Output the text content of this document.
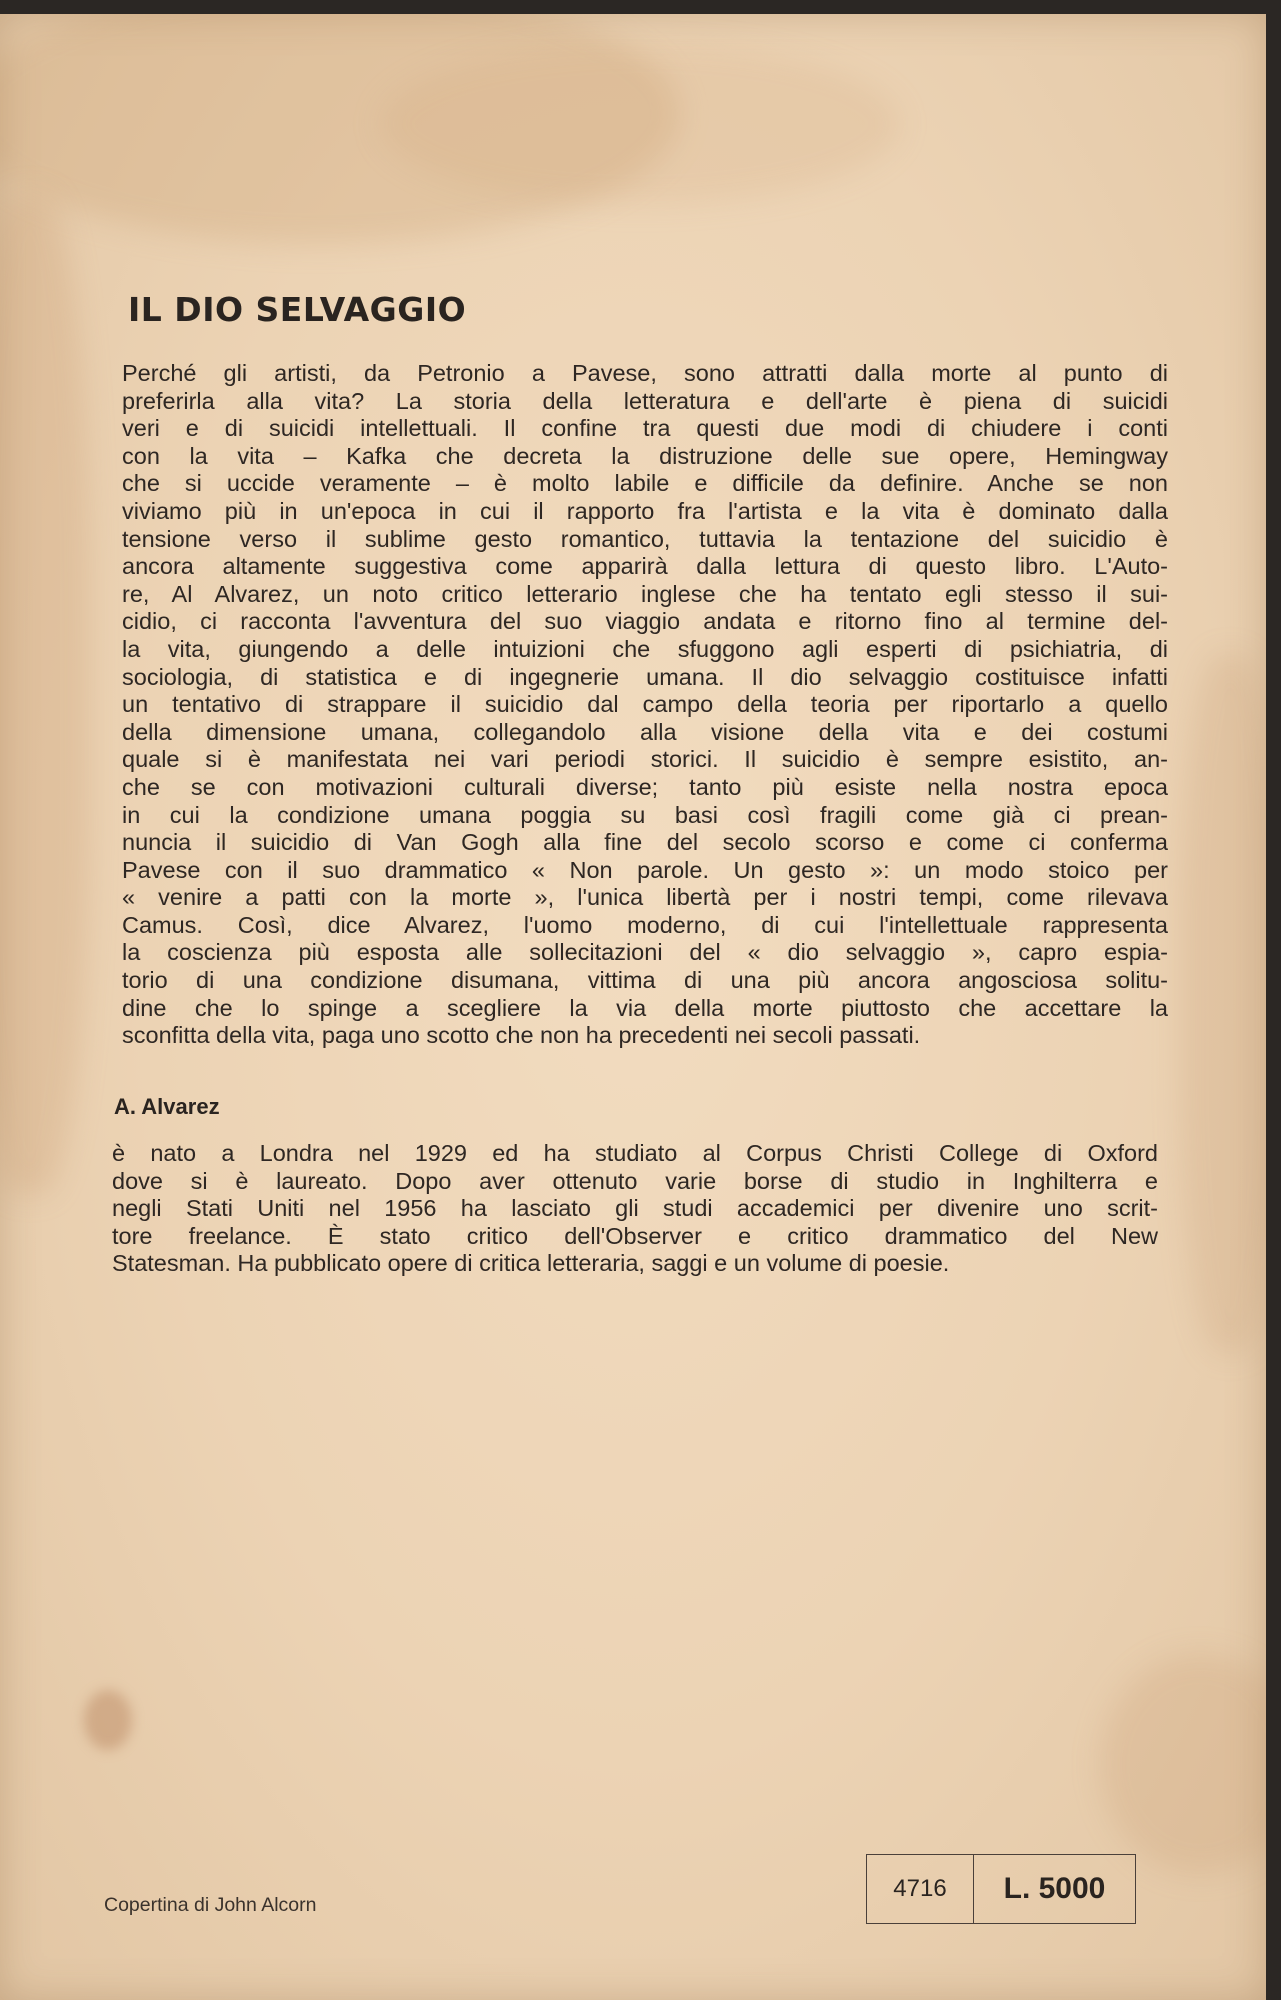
IL DIO SELVAGGIO
Perché gli artisti, da Petronio a Pavese, sono attratti dalla morte al punto di
preferirla alla vita? La storia della letteratura e dell'arte è piena di suicidi
veri e di suicidi intellettuali. Il confine tra questi due modi di chiudere i conti
con la vita – Kafka che decreta la distruzione delle sue opere, Hemingway
che si uccide veramente – è molto labile e difficile da definire. Anche se non
viviamo più in un'epoca in cui il rapporto fra l'artista e la vita è dominato dalla
tensione verso il sublime gesto romantico, tuttavia la tentazione del suicidio è
ancora altamente suggestiva come apparirà dalla lettura di questo libro. L'Auto-
re, Al Alvarez, un noto critico letterario inglese che ha tentato egli stesso il sui-
cidio, ci racconta l'avventura del suo viaggio andata e ritorno fino al termine del-
la vita, giungendo a delle intuizioni che sfuggono agli esperti di psichiatria, di
sociologia, di statistica e di ingegnerie umana. Il dio selvaggio costituisce infatti
un tentativo di strappare il suicidio dal campo della teoria per riportarlo a quello
della dimensione umana, collegandolo alla visione della vita e dei costumi
quale si è manifestata nei vari periodi storici. Il suicidio è sempre esistito, an-
che se con motivazioni culturali diverse; tanto più esiste nella nostra epoca
in cui la condizione umana poggia su basi così fragili come già ci prean-
nuncia il suicidio di Van Gogh alla fine del secolo scorso e come ci conferma
Pavese con il suo drammatico « Non parole. Un gesto »: un modo stoico per
« venire a patti con la morte », l'unica libertà per i nostri tempi, come rilevava
Camus. Così, dice Alvarez, l'uomo moderno, di cui l'intellettuale rappresenta
la coscienza più esposta alle sollecitazioni del « dio selvaggio », capro espia-
torio di una condizione disumana, vittima di una più ancora angosciosa solitu-
dine che lo spinge a scegliere la via della morte piuttosto che accettare la
sconfitta della vita, paga uno scotto che non ha precedenti nei secoli passati.
A. Alvarez
è nato a Londra nel 1929 ed ha studiato al Corpus Christi College di Oxford
dove si è laureato. Dopo aver ottenuto varie borse di studio in Inghilterra e
negli Stati Uniti nel 1956 ha lasciato gli studi accademici per divenire uno scrit-
tore freelance. È stato critico dell'Observer e critico drammatico del New
Statesman. Ha pubblicato opere di critica letteraria, saggi e un volume di poesie.
Copertina di John Alcorn
4716	L. 5000
